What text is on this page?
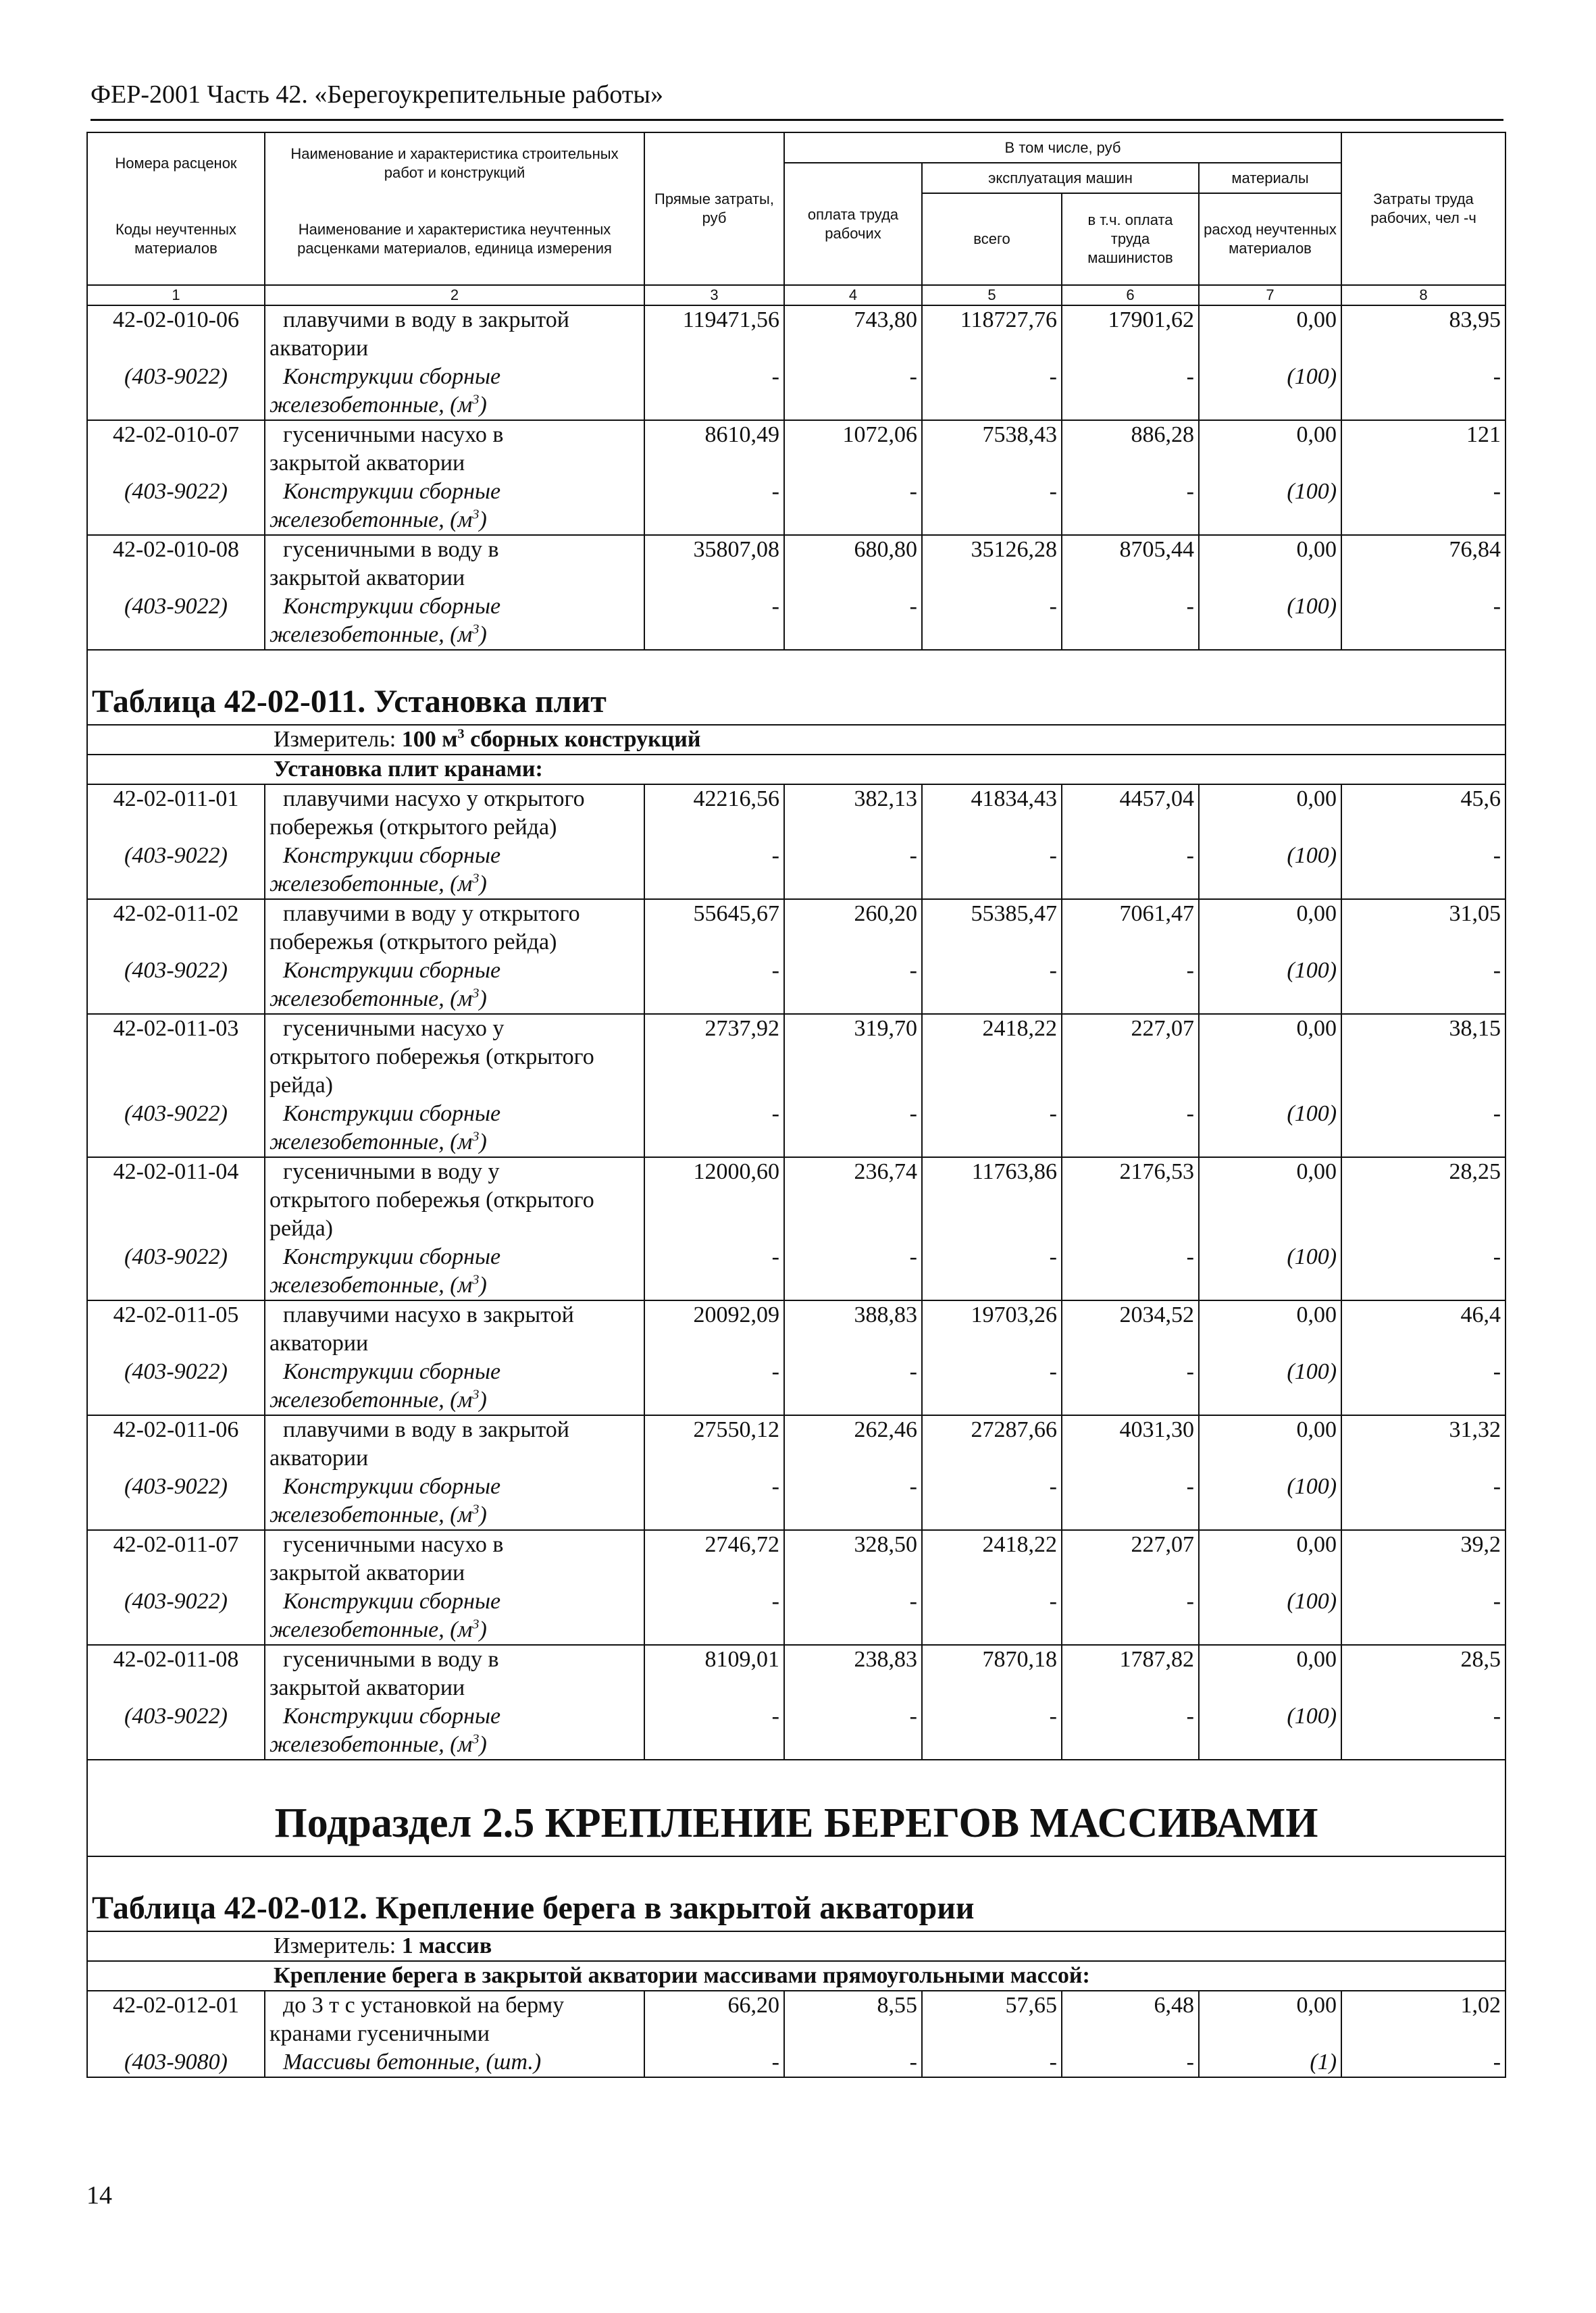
ФЕР-2001 Часть 42. «Берегоукрепительные работы»
Номера расценок	Наименование и характеристика строительных работ и конструкций	Прямые затраты, руб	В том числе, руб				Затраты труда рабочих, чел -ч
			оплата труда рабочих	эксплуатация машин		материалы	
Коды неучтенных материалов	Наименование и характеристика неучтенных расценками материалов, единица измерения			всего	в т.ч. оплата труда машинистов	расход неучтенных материалов	

1	2	3	4	5	6	7	8
42-02-010-06	плавучими в воду в закрытой
акватории	119471,56	743,80	118727,76	17901,62	0,00	83,95
(403-9022)	Конструкции сборные
железобетонные, $(м^3)$	-	-	-	-	(100)	-
42-02-010-07	гусеничными насухо в
закрытой акватории	8610,49	1072,06	7538,43	886,28	0,00	121
(403-9022)	Конструкции сборные
железобетонные, $(м^3)$	-	-	-	-	(100)	-
42-02-010-08	гусеничными в воду в
закрытой акватории	35807,08	680,80	35126,28	8705,44	0,00	76,84
(403-9022)	Конструкции сборные
железобетонные, $(м^3)$	-	-	-	-	(100)	-
Таблица 42-02-011. Установка плит							
Измеритель: 100 $м^3$ сборных конструкций							
Установка плит кранами:							
42-02-011-01	плавучими насухо у открытого
побережья (открытого рейда)	42216,56	382,13	41834,43	4457,04	0,00	45,6
(403-9022)	Конструкции сборные
железобетонные, $(м^3)$	-	-	-	-	(100)	-
42-02-011-02	плавучими в воду у открытого
побережья (открытого рейда)	55645,67	260,20	55385,47	7061,47	0,00	31,05
(403-9022)	Конструкции сборные
железобетонные, $(м^3)$	-	-	-	-	(100)	-
42-02-011-03	гусеничными насухо у
открытого побережья (открытого
рейда)	2737,92	319,70	2418,22	227,07	0,00	38,15
(403-9022)	Конструкции сборные
железобетонные, $(м^3)$	-	-	-	-	(100)	-
42-02-011-04	гусеничными в воду у
открытого побережья (открытого
рейда)	12000,60	236,74	11763,86	2176,53	0,00	28,25
(403-9022)	Конструкции сборные
железобетонные, $(м^3)$	-	-	-	-	(100)	-
42-02-011-05	плавучими насухо в закрытой
акватории	20092,09	388,83	19703,26	2034,52	0,00	46,4
(403-9022)	Конструкции сборные
железобетонные, $(м^3)$	-	-	-	-	(100)	-
42-02-011-06	плавучими в воду в закрытой
акватории	27550,12	262,46	27287,66	4031,30	0,00	31,32
(403-9022)	Конструкции сборные
железобетонные, $(м^3)$	-	-	-	-	(100)	-
42-02-011-07	гусеничными насухо в
закрытой акватории	2746,72	328,50	2418,22	227,07	0,00	39,2
(403-9022)	Конструкции сборные
железобетонные, $(м^3)$	-	-	-	-	(100)	-
42-02-011-08	гусеничными в воду в
закрытой акватории	8109,01	238,83	7870,18	1787,82	0,00	28,5
(403-9022)	Конструкции сборные
железобетонные, $(м^3)$	-	-	-	-	(100)	-
Подраздел 2.5 КРЕПЛЕНИЕ БЕРЕГОВ МАССИВАМИ							
Таблица 42-02-012. Крепление берега в закрытой акватории							
Измеритель: 1 массив							
Крепление берега в закрытой акватории массивами прямоугольными массой:							
42-02-012-01	до 3 т с установкой на берму
кранами гусеничными	66,20	8,55	57,65	6,48	0,00	1,02
(403-9080)	Массивы бетонные, (шт.)	-	-	-	-	(1)	-
14
